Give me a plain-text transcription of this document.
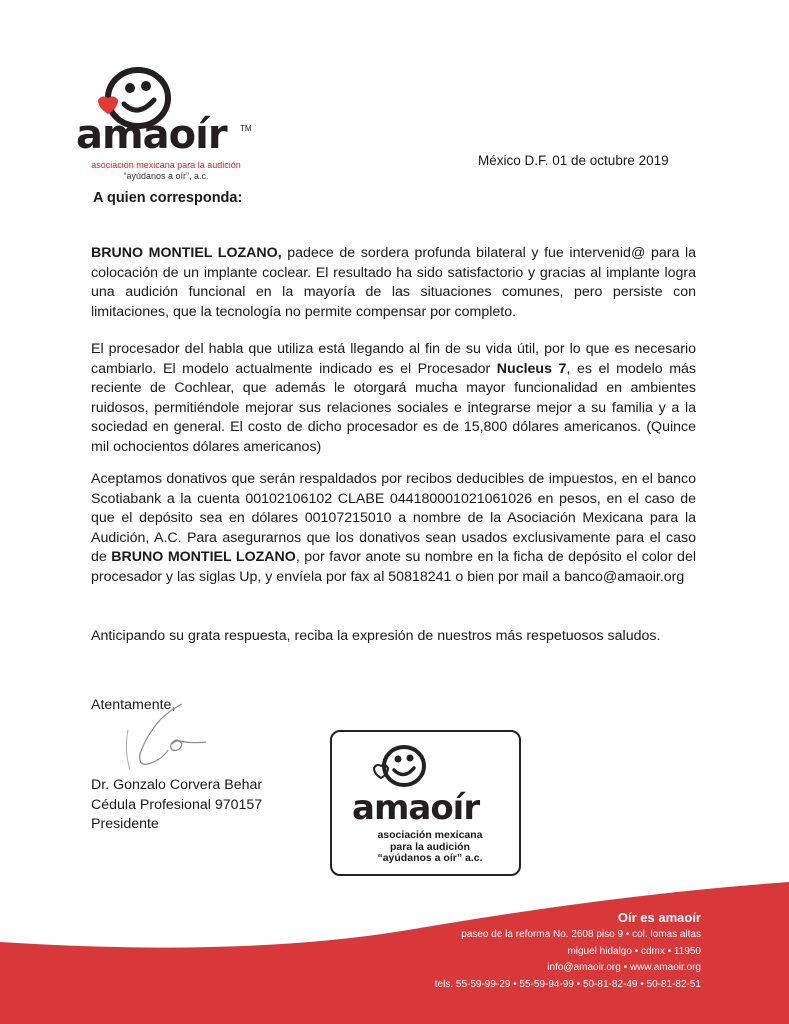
amaoír TM
asociación mexicana para la audición
“ayúdanos a oír”, a.c.
México D.F. 01 de octubre 2019
A quien corresponda:
BRUNO MONTIEL LOZANO, padece de sordera profunda bilateral y fue intervenid@ para la colocación de un implante coclear. El resultado ha sido satisfactorio y gracias al implante logra una audición funcional en la mayoría de las situaciones comunes, pero persiste con limitaciones, que la tecnología no permite compensar por completo.
El procesador del habla que utiliza está llegando al fin de su vida útil, por lo que es necesario cambiarlo. El modelo actualmente indicado es el Procesador Nucleus 7, es el modelo más reciente de Cochlear, que además le otorgará mucha mayor funcionalidad en ambientes ruidosos, permitiéndole mejorar sus relaciones sociales e integrarse mejor a su familia y a la sociedad en general. El costo de dicho procesador es de 15,800 dólares americanos. (Quince mil ochocientos dólares americanos)
Aceptamos donativos que serán respaldados por recibos deducibles de impuestos, en el banco Scotiabank a la cuenta 00102106102 CLABE 044180001021061026 en pesos, en el caso de que el depósito sea en dólares 00107215010 a nombre de la Asociación Mexicana para la Audición, A.C. Para asegurarnos que los donativos sean usados exclusivamente para el caso de BRUNO MONTIEL LOZANO, por favor anote su nombre en la ficha de depósito el color del procesador y las siglas Up, y envíela por fax al 50818241 o bien por mail a banco@amaoir.org
Anticipando su grata respuesta, reciba la expresión de nuestros más respetuosos saludos.
Atentamente,
Dr. Gonzalo Corvera Behar
Cédula Profesional 970157
Presidente	amaoír
asociación mexicana
para la audición
“ayúdanos a oír” a.c.
Oír es amaoír
paseo de la reforma No. 2608 piso 9 • col. lomas altas
miguel hidalgo • cdmx • 11950
info@amaoir.org • www.amaoir.org
tels. 55-59-99-29 • 55-59-94-99 • 50-81-82-49 • 50-81-82-51
